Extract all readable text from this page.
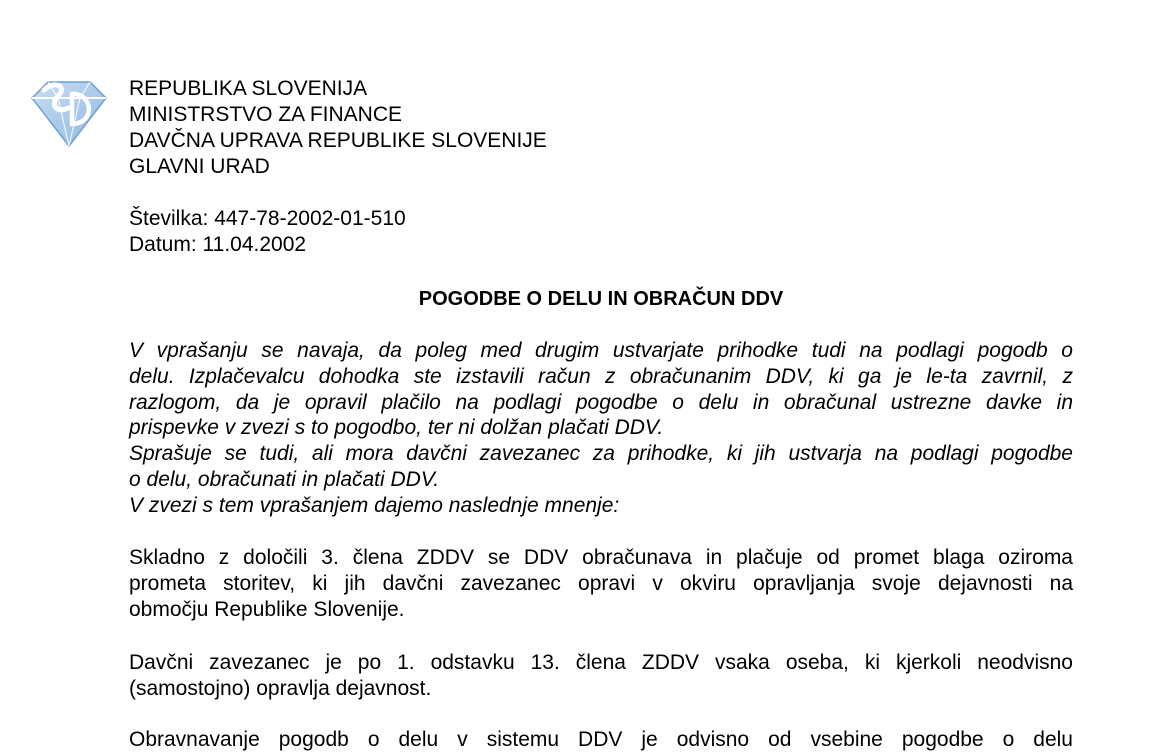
REPUBLIKA SLOVENIJA
MINISTRSTVO ZA FINANCE
DAVČNA UPRAVA REPUBLIKE SLOVENIJE
GLAVNI URAD
Številka: 447-78-2002-01-510
Datum: 11.04.2002
POGODBE O DELU IN OBRAČUN DDV
V vprašanju se navaja, da poleg med drugim ustvarjate prihodke tudi na podlagi pogodb o
delu. Izplačevalcu dohodka ste izstavili račun z obračunanim DDV, ki ga je le-ta zavrnil, z
razlogom, da je opravil plačilo na podlagi pogodbe o delu in obračunal ustrezne davke in
prispevke v zvezi s to pogodbo, ter ni dolžan plačati DDV.
Sprašuje se tudi, ali mora davčni zavezanec za prihodke, ki jih ustvarja na podlagi pogodbe
o delu, obračunati in plačati DDV.
V zvezi s tem vprašanjem dajemo naslednje mnenje:
Skladno z določili 3. člena ZDDV se DDV obračunava in plačuje od promet blaga oziroma
prometa storitev, ki jih davčni zavezanec opravi v okviru opravljanja svoje dejavnosti na
območju Republike Slovenije.
Davčni zavezanec je po 1. odstavku 13. člena ZDDV vsaka oseba, ki kjerkoli neodvisno
(samostojno) opravlja dejavnost.
Obravnavanje pogodb o delu v sistemu DDV je odvisno od vsebine pogodbe o delu
